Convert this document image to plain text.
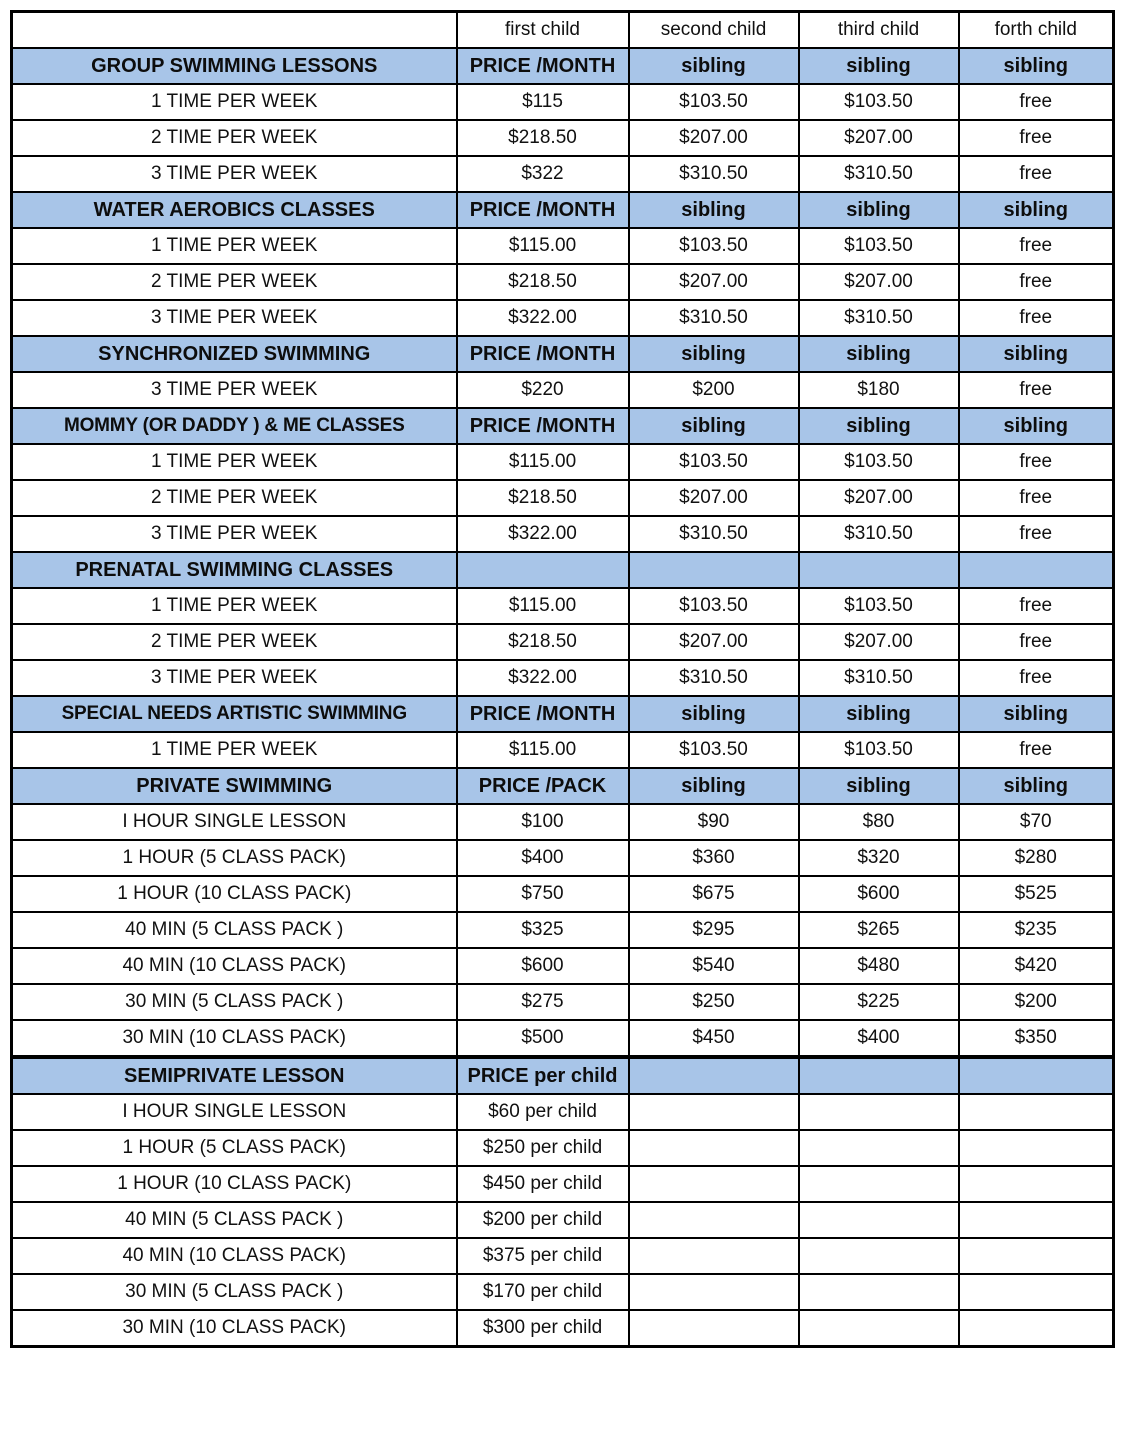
	first child	second child	third child	forth child
GROUP SWIMMING LESSONS	PRICE /MONTH	sibling	sibling	sibling
1 TIME PER WEEK	$115	$103.50	$103.50	free
2 TIME PER WEEK	$218.50	$207.00	$207.00	free
3 TIME PER WEEK	$322	$310.50	$310.50	free
WATER AEROBICS CLASSES	PRICE /MONTH	sibling	sibling	sibling
1 TIME PER WEEK	$115.00	$103.50	$103.50	free
2 TIME PER WEEK	$218.50	$207.00	$207.00	free
3 TIME PER WEEK	$322.00	$310.50	$310.50	free
SYNCHRONIZED SWIMMING	PRICE /MONTH	sibling	sibling	sibling
3 TIME PER WEEK	$220	$200	$180	free
MOMMY (OR DADDY ) & ME CLASSES	PRICE /MONTH	sibling	sibling	sibling
1 TIME PER WEEK	$115.00	$103.50	$103.50	free
2 TIME PER WEEK	$218.50	$207.00	$207.00	free
3 TIME PER WEEK	$322.00	$310.50	$310.50	free
PRENATAL SWIMMING CLASSES				
1 TIME PER WEEK	$115.00	$103.50	$103.50	free
2 TIME PER WEEK	$218.50	$207.00	$207.00	free
3 TIME PER WEEK	$322.00	$310.50	$310.50	free
SPECIAL NEEDS ARTISTIC SWIMMING	PRICE /MONTH	sibling	sibling	sibling
1 TIME PER WEEK	$115.00	$103.50	$103.50	free
PRIVATE SWIMMING	PRICE /PACK	sibling	sibling	sibling
I HOUR SINGLE LESSON	$100	$90	$80	$70
1 HOUR (5 CLASS PACK)	$400	$360	$320	$280
1 HOUR (10 CLASS PACK)	$750	$675	$600	$525
40 MIN (5 CLASS PACK )	$325	$295	$265	$235
40 MIN (10 CLASS PACK)	$600	$540	$480	$420
30 MIN (5 CLASS PACK )	$275	$250	$225	$200
30 MIN (10 CLASS PACK)	$500	$450	$400	$350
SEMIPRIVATE LESSON	PRICE per child			
I HOUR SINGLE LESSON	$60 per child			
1 HOUR (5 CLASS PACK)	$250 per child			
1 HOUR (10 CLASS PACK)	$450 per child			
40 MIN (5 CLASS PACK )	$200 per child			
40 MIN (10 CLASS PACK)	$375 per child			
30 MIN (5 CLASS PACK )	$170 per child			
30 MIN (10 CLASS PACK)	$300 per child			
